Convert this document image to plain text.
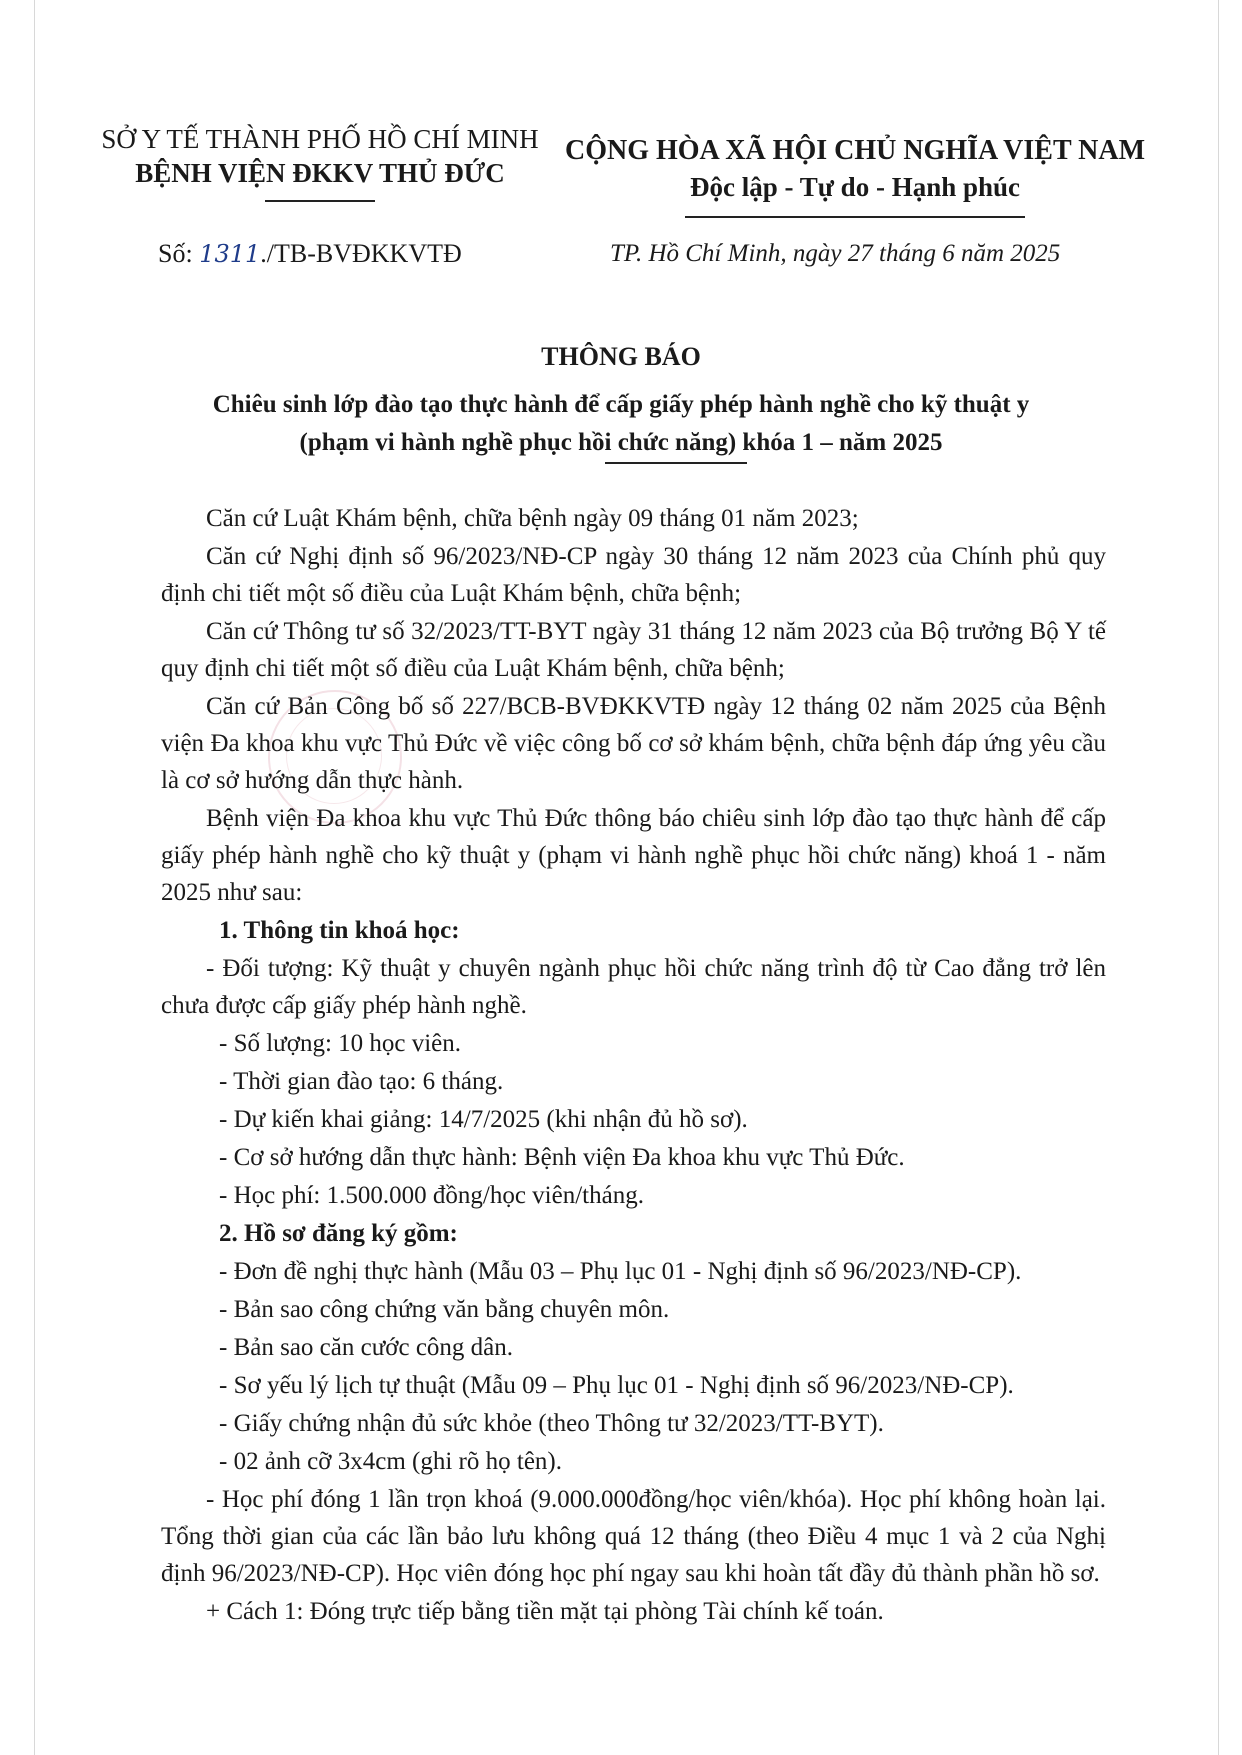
SỞ Y TẾ THÀNH PHỐ HỒ CHÍ MINH
BỆNH VIỆN ĐKKV THỦ ĐỨC
CỘNG HÒA XÃ HỘI CHỦ NGHĨA VIỆT NAM
Độc lập - Tự do - Hạnh phúc
Số: 1311./TB-BVĐKKVTĐ	TP. Hồ Chí Minh, ngày 27 tháng 6 năm 2025
THÔNG BÁO
Chiêu sinh lớp đào tạo thực hành để cấp giấy phép hành nghề cho kỹ thuật y
(phạm vi hành nghề phục hồi chức năng) khóa 1 – năm 2025

Căn cứ Luật Khám bệnh, chữa bệnh ngày 09 tháng 01 năm 2023;

Căn cứ Nghị định số 96/2023/NĐ-CP ngày 30 tháng 12 năm 2023 của Chính phủ quy định chi tiết một số điều của Luật Khám bệnh, chữa bệnh;

Căn cứ Thông tư số 32/2023/TT-BYT ngày 31 tháng 12 năm 2023 của Bộ trưởng Bộ Y tế quy định chi tiết một số điều của Luật Khám bệnh, chữa bệnh;

Căn cứ Bản Công bố số 227/BCB-BVĐKKVTĐ ngày 12 tháng 02 năm 2025 của Bệnh viện Đa khoa khu vực Thủ Đức về việc công bố cơ sở khám bệnh, chữa bệnh đáp ứng yêu cầu là cơ sở hướng dẫn thực hành.

Bệnh viện Đa khoa khu vực Thủ Đức thông báo chiêu sinh lớp đào tạo thực hành để cấp giấy phép hành nghề cho kỹ thuật y (phạm vi hành nghề phục hồi chức năng) khoá 1 - năm 2025 như sau:

1. Thông tin khoá học:

- Đối tượng: Kỹ thuật y chuyên ngành phục hồi chức năng trình độ từ Cao đẳng trở lên chưa được cấp giấy phép hành nghề.

- Số lượng: 10 học viên.

- Thời gian đào tạo: 6 tháng.

- Dự kiến khai giảng: 14/7/2025 (khi nhận đủ hồ sơ).

- Cơ sở hướng dẫn thực hành: Bệnh viện Đa khoa khu vực Thủ Đức.

- Học phí: 1.500.000 đồng/học viên/tháng.

2. Hồ sơ đăng ký gồm:

- Đơn đề nghị thực hành (Mẫu 03 – Phụ lục 01 - Nghị định số 96/2023/NĐ-CP).

- Bản sao công chứng văn bằng chuyên môn.

- Bản sao căn cước công dân.

- Sơ yếu lý lịch tự thuật (Mẫu 09 – Phụ lục 01 - Nghị định số 96/2023/NĐ-CP).

- Giấy chứng nhận đủ sức khỏe (theo Thông tư 32/2023/TT-BYT).

- 02 ảnh cỡ 3x4cm (ghi rõ họ tên).

- Học phí đóng 1 lần trọn khoá (9.000.000đồng/học viên/khóa). Học phí không hoàn lại. Tổng thời gian của các lần bảo lưu không quá 12 tháng (theo Điều 4 mục 1 và 2 của Nghị định 96/2023/NĐ-CP). Học viên đóng học phí ngay sau khi hoàn tất đầy đủ thành phần hồ sơ.

+ Cách 1: Đóng trực tiếp bằng tiền mặt tại phòng Tài chính kế toán.
